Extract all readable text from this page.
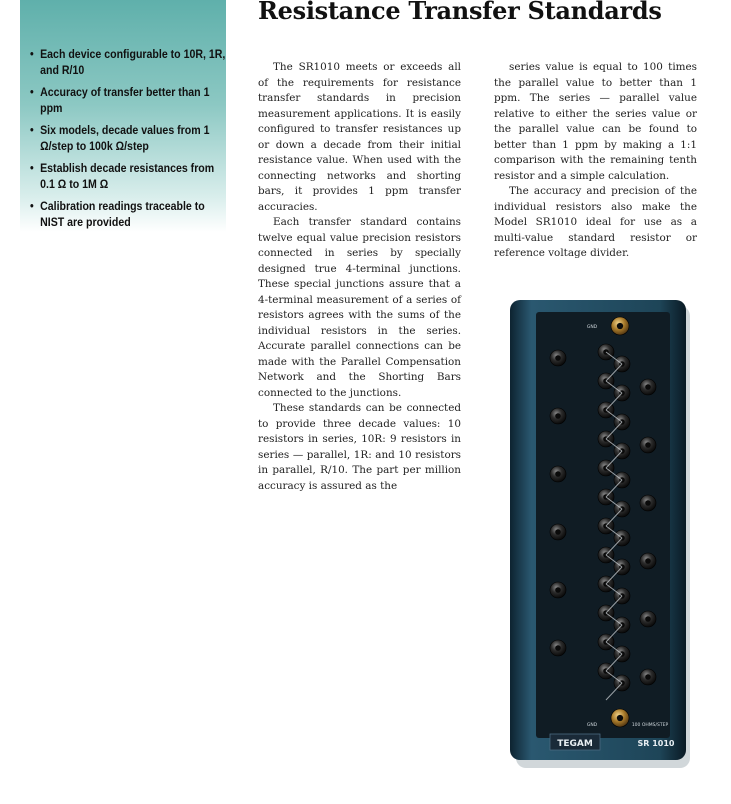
• Each device configurable to 10R, 1R, and R/10
• Accuracy of transfer better than 1 ppm
• Six models, decade values from 1 Ω/step to 100k Ω/step
• Establish decade resistances from 0.1 Ω to 1M Ω
• Calibration readings traceable to NIST are provided
Resistance Transfer Standards

The SR1010 meets or exceeds all of the requirements for resistance transfer standards in precision measurement applications. It is easily configured to transfer resistances up or down a decade from their initial resistance value. When used with the connecting networks and shorting bars, it provides 1 ppm transfer accuracies.

Each transfer standard contains twelve equal value precision resistors connected in series by specially designed true 4-terminal junctions. These special junctions assure that a 4-terminal measurement of a series of resistors agrees with the sums of the individual resistors in the series. Accurate parallel connections can be made with the Parallel Compensation Network and the Shorting Bars connected to the junctions.

These standards can be connected to provide three decade values: 10 resistors in series, 10R: 9 resistors in series — parallel, 1R: and 10 resistors in parallel, R/10. The part per million accuracy is assured as the

series value is equal to 100 times the parallel value to better than 1 ppm. The series — parallel value relative to either the series value or the parallel value can be found to better than 1 ppm by making a 1:1 comparison with the remaining tenth resistor and a simple calculation.

The accuracy and precision of the individual resistors also make the Model SR1010 ideal for use as a multi-value standard resistor or reference voltage divider.

TEGAM	SR 1010
100 OHMS/STEP
GND
GND
